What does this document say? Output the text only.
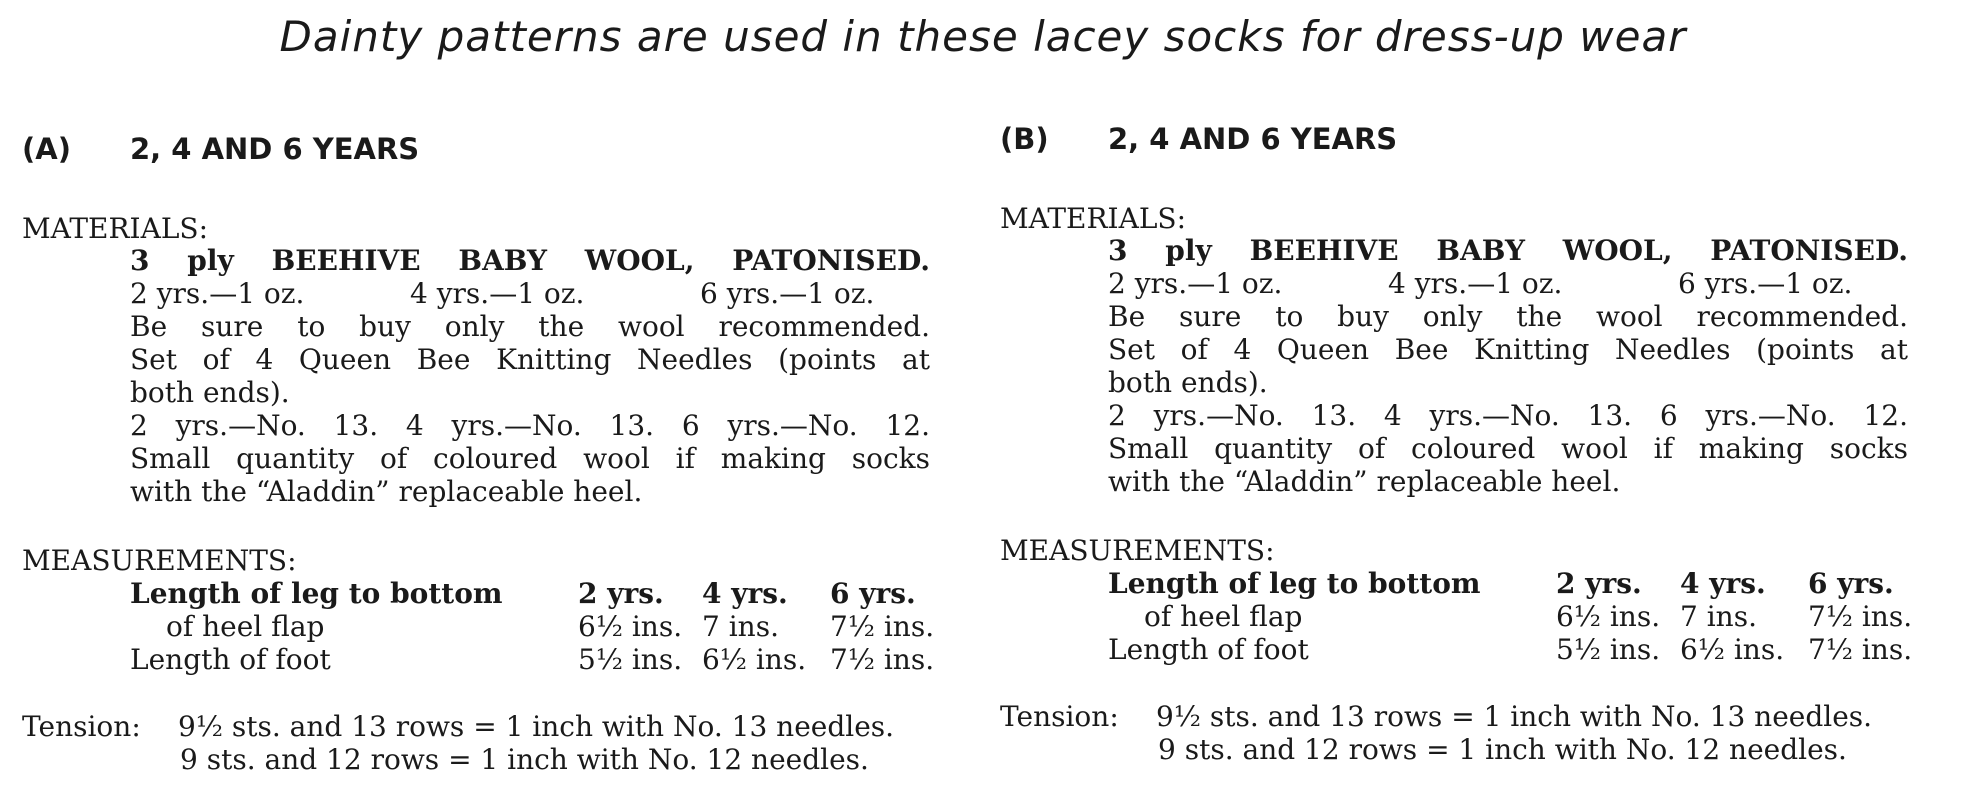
Dainty patterns are used in these lacey socks for dress-up wear
(A) 2, 4 AND 6 YEARS
MATERIALS:
3 ply BEEHIVE BABY WOOL, PATONISED.
2 yrs.—1 oz.	4 yrs.—1 oz.	6 yrs.—1 oz.
Be sure to buy only the wool recommended.
Set of 4 Queen Bee Knitting Needles (points at
both ends).
2 yrs.—No. 13. 4 yrs.—No. 13. 6 yrs.—No. 12.
Small quantity of coloured wool if making socks
with the “Aladdin” replaceable heel.
MEASUREMENTS:
Length of leg to bottom	2 yrs.	4 yrs.	6 yrs.
of heel flap	6½ ins.	7 ins.	7½ ins.
Length of foot	5½ ins.	6½ ins.	7½ ins.
Tension: 9½ sts. and 13 rows = 1 inch with No. 13 needles.
9 sts. and 12 rows = 1 inch with No. 12 needles.
(B) 2, 4 AND 6 YEARS
MATERIALS:
3 ply BEEHIVE BABY WOOL, PATONISED.
2 yrs.—1 oz.	4 yrs.—1 oz.	6 yrs.—1 oz.
Be sure to buy only the wool recommended.
Set of 4 Queen Bee Knitting Needles (points at
both ends).
2 yrs.—No. 13. 4 yrs.—No. 13. 6 yrs.—No. 12.
Small quantity of coloured wool if making socks
with the “Aladdin” replaceable heel.
MEASUREMENTS:
Length of leg to bottom	2 yrs.	4 yrs.	6 yrs.
of heel flap	6½ ins.	7 ins.	7½ ins.
Length of foot	5½ ins.	6½ ins.	7½ ins.
Tension: 9½ sts. and 13 rows = 1 inch with No. 13 needles.
9 sts. and 12 rows = 1 inch with No. 12 needles.
